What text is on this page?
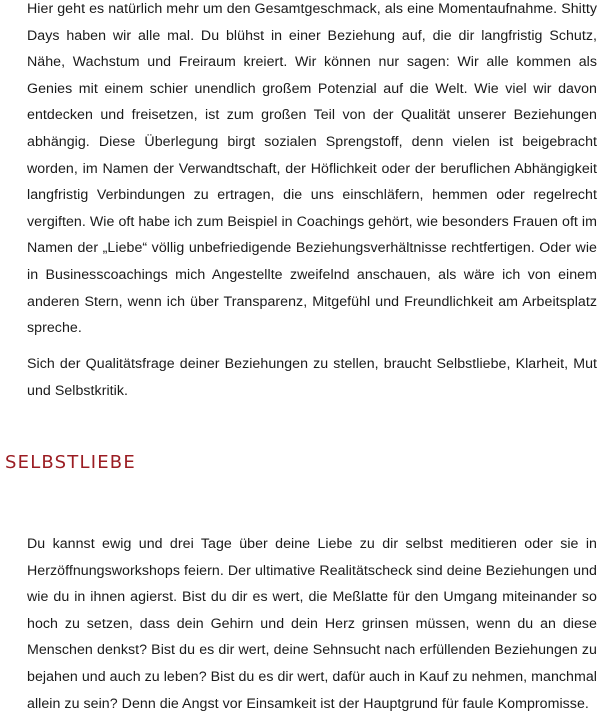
Hier geht es natürlich mehr um den Gesamtgeschmack, als eine Momentaufnahme. Shitty Days haben wir alle mal. Du blühst in einer Beziehung auf, die dir langfristig Schutz, Nähe, Wachstum und Freiraum kreiert. Wir können nur sagen: Wir alle kommen als Genies mit einem schier unendlich großem Potenzial auf die Welt. Wie viel wir davon entdecken und freisetzen, ist zum großen Teil von der Qualität unserer Beziehungen abhängig. Diese Überlegung birgt sozialen Sprengstoff, denn vielen ist beigebracht worden, im Namen der Verwandtschaft, der Höflichkeit oder der beruflichen Abhängigkeit langfristig Verbindungen zu ertragen, die uns einschläfern, hemmen oder regelrecht vergiften. Wie oft habe ich zum Beispiel in Coachings gehört, wie besonders Frauen oft im Namen der „Liebe“ völlig unbefriedigende Beziehungsverhältnisse rechtfertigen. Oder wie in Businesscoachings mich Angestellte zweifelnd anschauen, als wäre ich von einem anderen Stern, wenn ich über Transparenz, Mitgefühl und Freundlichkeit am Arbeitsplatz spreche.

Sich der Qualitätsfrage deiner Beziehungen zu stellen, braucht Selbstliebe, Klarheit, Mut und Selbstkritik.

SELBSTLIEBE

Du kannst ewig und drei Tage über deine Liebe zu dir selbst meditieren oder sie in Herzöffnungsworkshops feiern. Der ultimative Realitätscheck sind deine Beziehungen und wie du in ihnen agierst. Bist du dir es wert, die Meßlatte für den Umgang miteinander so hoch zu setzen, dass dein Gehirn und dein Herz grinsen müssen, wenn du an diese Menschen denkst? Bist du es dir wert, deine Sehnsucht nach erfüllenden Beziehungen zu bejahen und auch zu leben? Bist du es dir wert, dafür auch in Kauf zu nehmen, manchmal allein zu sein? Denn die Angst vor Einsamkeit ist der Hauptgrund für faule Kompromisse.
